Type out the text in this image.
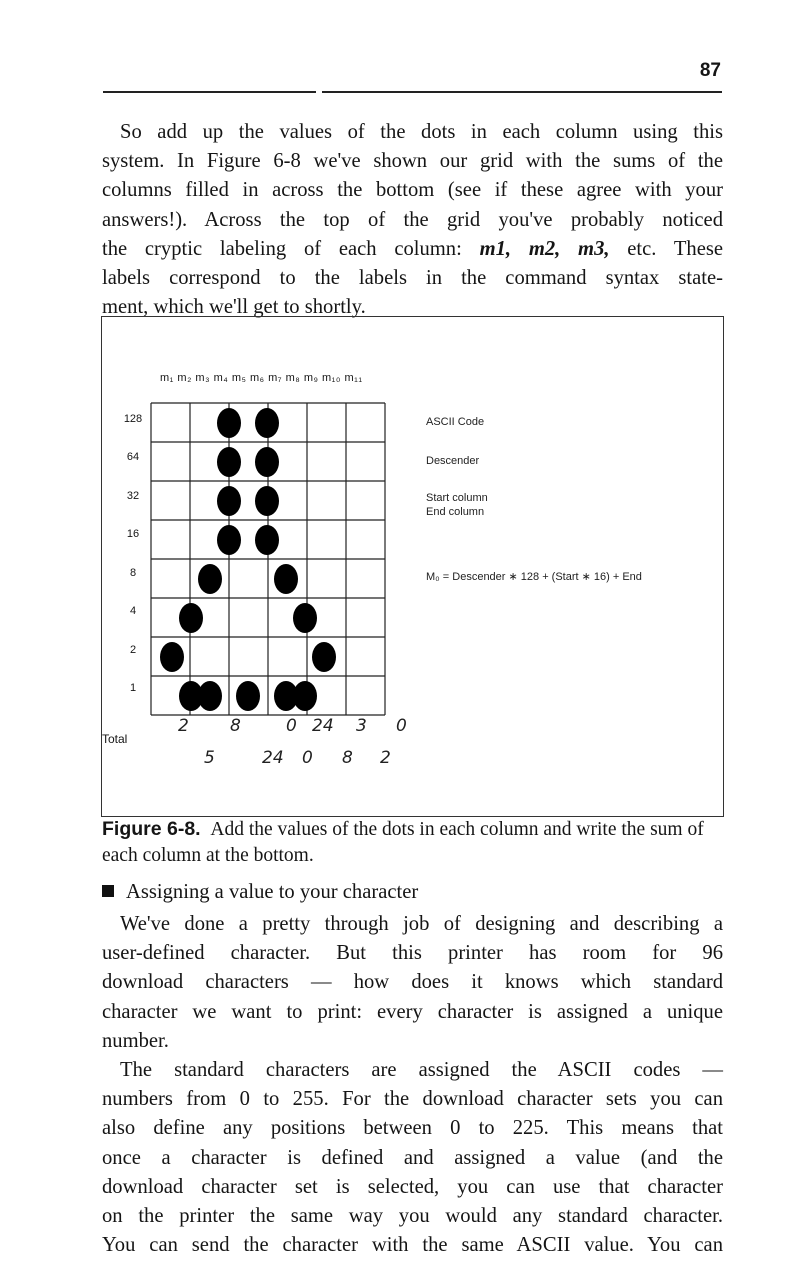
87

So add up the values of the dots in each column using this
system. In Figure 6-8 we've shown our grid with the sums of the
columns filled in across the bottom (see if these agree with your
answers!). Across the top of the grid you've probably noticed
the cryptic labeling of each column: m1, m2, m3, etc. These
labels correspond to the labels in the command syntax state-
ment, which we'll get to shortly.

m₁ m₂ m₃ m₄ m₅ m₆ m₇ m₈ m₉ m₁₀ m₁₁
128
64
32
16
8
4
2
1
Total
2
5
8
24
0 24
0 8
3
2
0
ASCII Code
Descender
Start column
End column
M₀ = Descender ∗ 128 + (Start ∗ 16) + End

Figure 6-8. Add the values of the dots in each column and write the sum of each column at the bottom.

Assigning a value to your character

We've done a pretty through job of designing and describing a
user-defined character. But this printer has room for 96
download characters — how does it knows which standard
character we want to print: every character is assigned a unique
number.
The standard characters are assigned the ASCII codes —
numbers from 0 to 255. For the download character sets you can
also define any positions between 0 to 225. This means that
once a character is defined and assigned a value (and the
download character set is selected, you can use that character
on the printer the same way you would any standard character.
You can send the character with the same ASCII value. You can
